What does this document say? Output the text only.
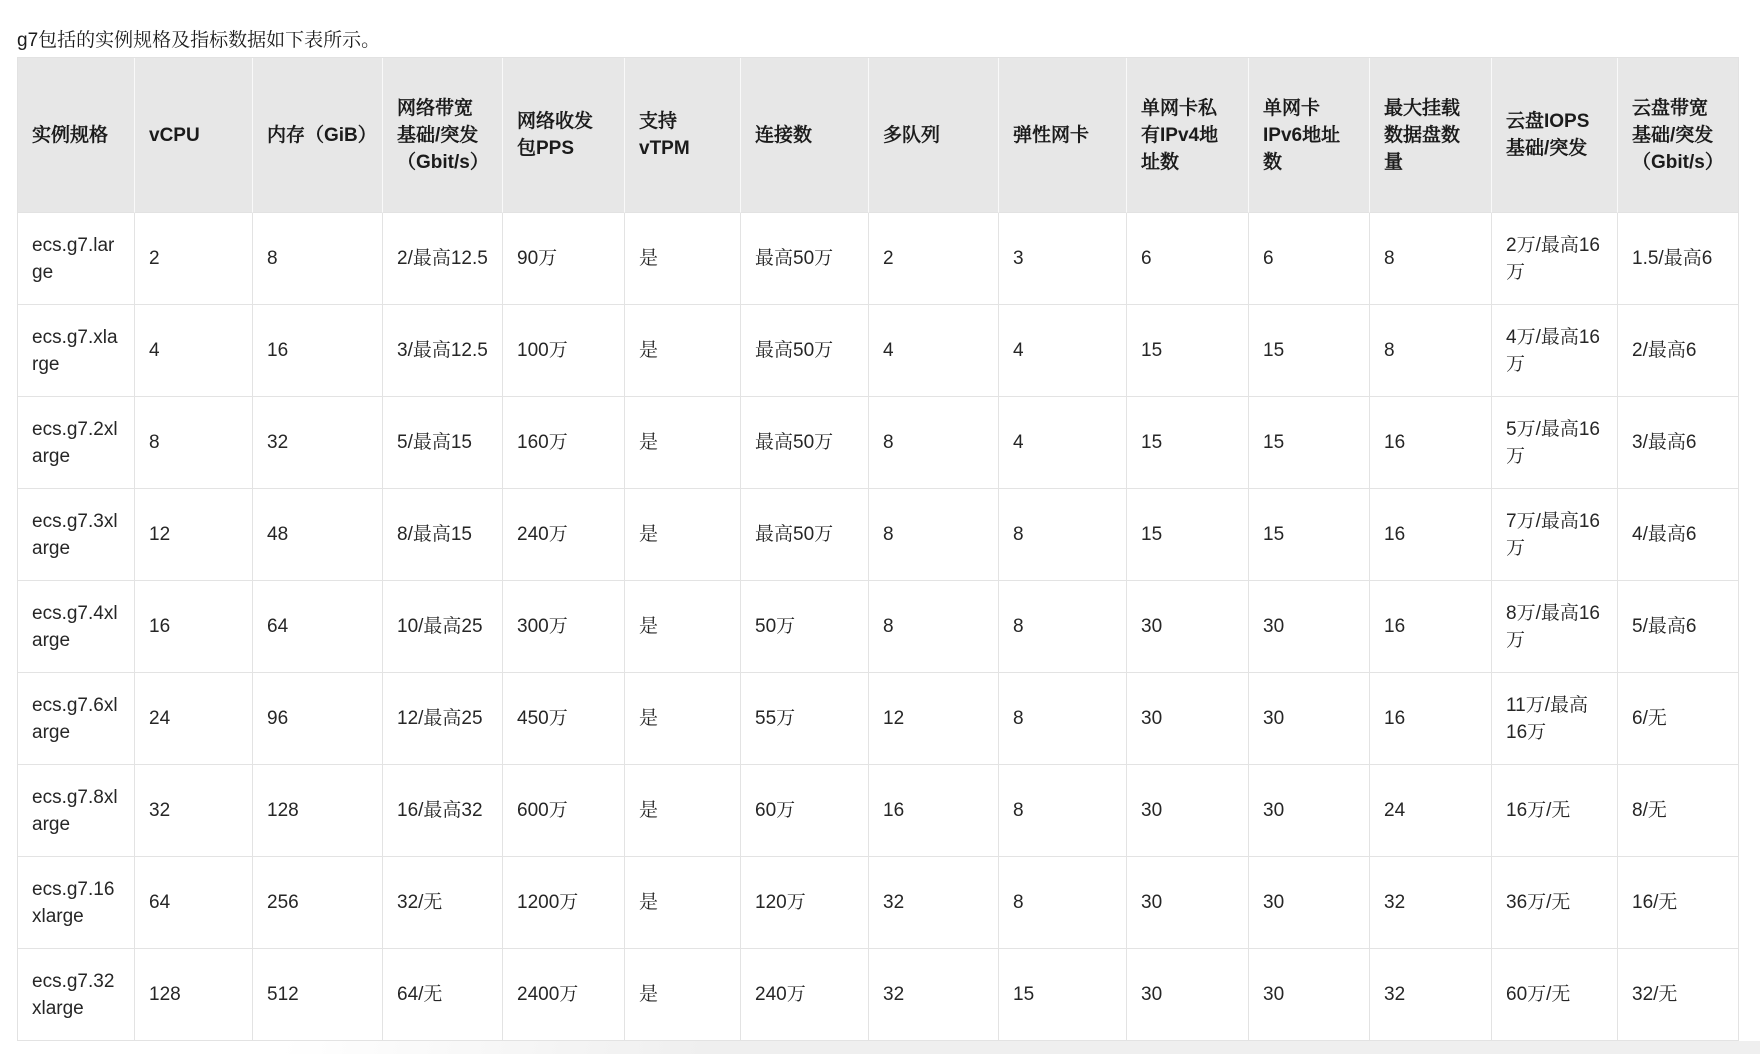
g7包括的实例规格及指标数据如下表所示。

实例规格	vCPU	内存（GiB）	网络带宽基础/突发（Gbit/s）	网络收发包PPS	支持vTPM	连接数	多队列	弹性网卡	单网卡私有IPv4地址数	单网卡IPv6地址数	最大挂载数据盘数量	云盘IOPS基础/突发	云盘带宽基础/突发（Gbit/s）
ecs.g7.large	2	8	2/最高12.5	90万	是	最高50万	2	3	6	6	8	2万/最高16万	1.5/最高6
ecs.g7.xlarge	4	16	3/最高12.5	100万	是	最高50万	4	4	15	15	8	4万/最高16万	2/最高6
ecs.g7.2xlarge	8	32	5/最高15	160万	是	最高50万	8	4	15	15	16	5万/最高16万	3/最高6
ecs.g7.3xlarge	12	48	8/最高15	240万	是	最高50万	8	8	15	15	16	7万/最高16万	4/最高6
ecs.g7.4xlarge	16	64	10/最高25	300万	是	50万	8	8	30	30	16	8万/最高16万	5/最高6
ecs.g7.6xlarge	24	96	12/最高25	450万	是	55万	12	8	30	30	16	11万/最高16万	6/无
ecs.g7.8xlarge	32	128	16/最高32	600万	是	60万	16	8	30	30	24	16万/无	8/无
ecs.g7.16xlarge	64	256	32/无	1200万	是	120万	32	8	30	30	32	36万/无	16/无
ecs.g7.32xlarge	128	512	64/无	2400万	是	240万	32	15	30	30	32	60万/无	32/无
